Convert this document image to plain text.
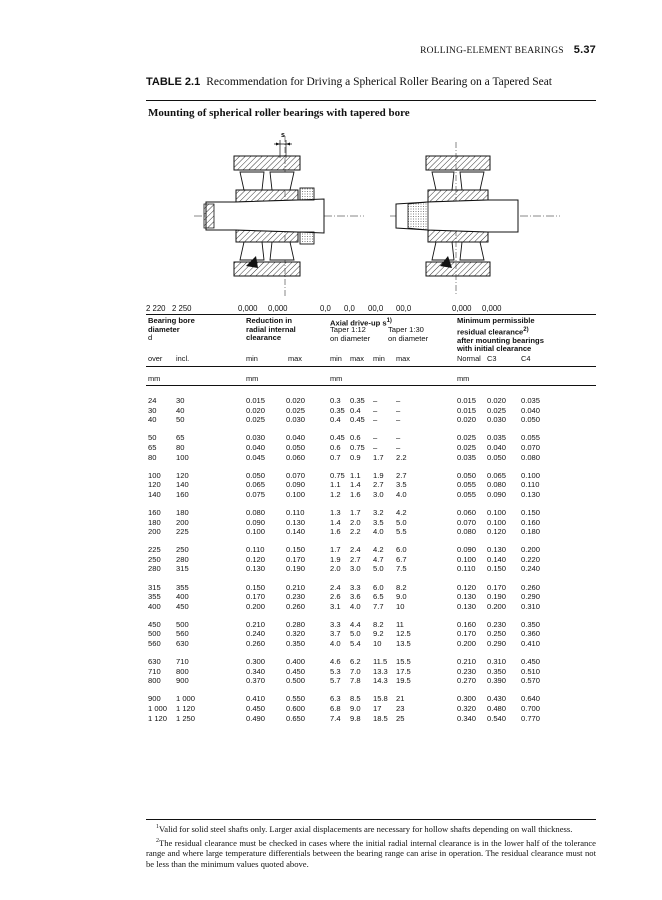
ROLLING-ELEMENT BEARINGS 5.37
TABLE 2.1 Recommendation for Driving a Spherical Roller Bearing on a Tapered Seat
Mounting of spherical roller bearings with tapered bore
s
2 220 2 250	0,000 0,000	0,0 0,0 00,0 00,0	0,000 0,000
Bearing bore
diameter
d
Reduction in
radial internal
clearance
Axial drive-up $s^{1)}$
Taper 1:12
on diameter
Taper 1:30
on diameter
Minimum permissible
residual clearance$^{2)}$
after mounting bearings
with initial clearance
over incl.	min	max	min max min max	Normal C3	C4
mm	mm	mm	mm
24	30	0.015	0.020	0.3 0.35 – –	0.015 0.020 0.035
30	40	0.020	0.025	0.35 0.4 – –	0.015 0.025 0.040
40	50	0.025	0.030	0.4 0.45 – –	0.020 0.030 0.050
50	65	0.030	0.040	0.45 0.6 – –	0.025 0.035 0.055
65	80	0.040	0.050	0.6 0.75 – –	0.025 0.040 0.070
80	100	0.045	0.060	0.7 0.9 1.7 2.2	0.035 0.050 0.080
100 120	0.050	0.070	0.75 1.1 1.9 2.7	0.050 0.065 0.100
120 140	0.065	0.090	1.1 1.4 2.7 3.5	0.055 0.080 0.110
140 160	0.075	0.100	1.2 1.6 3.0 4.0	0.055 0.090 0.130
160 180	0.080	0.110	1.3 1.7 3.2 4.2	0.060 0.100 0.150
180 200	0.090	0.130	1.4 2.0 3.5 5.0	0.070 0.100 0.160
200 225	0.100	0.140	1.6 2.2 4.0 5.5	0.080 0.120 0.180
225 250	0.110	0.150	1.7 2.4 4.2 6.0	0.090 0.130 0.200
250 280	0.120	0.170	1.9 2.7 4.7 6.7	0.100 0.140 0.220
280 315	0.130	0.190	2.0 3.0 5.0 7.5	0.110 0.150 0.240
315 355	0.150	0.210	2.4 3.3 6.0 8.2	0.120 0.170 0.260
355 400	0.170	0.230	2.6 3.6 6.5 9.0	0.130 0.190 0.290
400 450	0.200	0.260	3.1 4.0 7.7 10	0.130 0.200 0.310
450 500	0.210	0.280	3.3 4.4 8.2 11	0.160 0.230 0.350
500 560	0.240	0.320	3.7 5.0 9.2 12.5	0.170 0.250 0.360
560 630	0.260	0.350	4.0 5.4 10 13.5	0.200 0.290 0.410
630 710	0.300	0.400	4.6 6.2 11.5 15.5	0.210 0.310 0.450
710 800	0.340	0.450	5.3 7.0 13.3 17.5	0.230 0.350 0.510
800 900	0.370	0.500	5.7 7.8 14.3 19.5	0.270 0.390 0.570
900 1 000	0.410	0.550	6.3 8.5 15.8 21	0.300 0.430 0.640
1 000 1 120	0.450	0.600	6.8 9.0 17 23	0.320 0.480 0.700
1 120 1 250	0.490	0.650	7.4 9.8 18.5 25	0.340 0.540 0.770

$^1$Valid for solid steel shafts only. Larger axial displacements are necessary for hollow shafts depending on wall thickness.

$^2$The residual clearance must be checked in cases where the initial radial internal clearance is in the lower half of the tolerance range and where large temperature differentials between the bearing range can arise in operation. The residual clearance must not be less than the minimum values quoted above.
